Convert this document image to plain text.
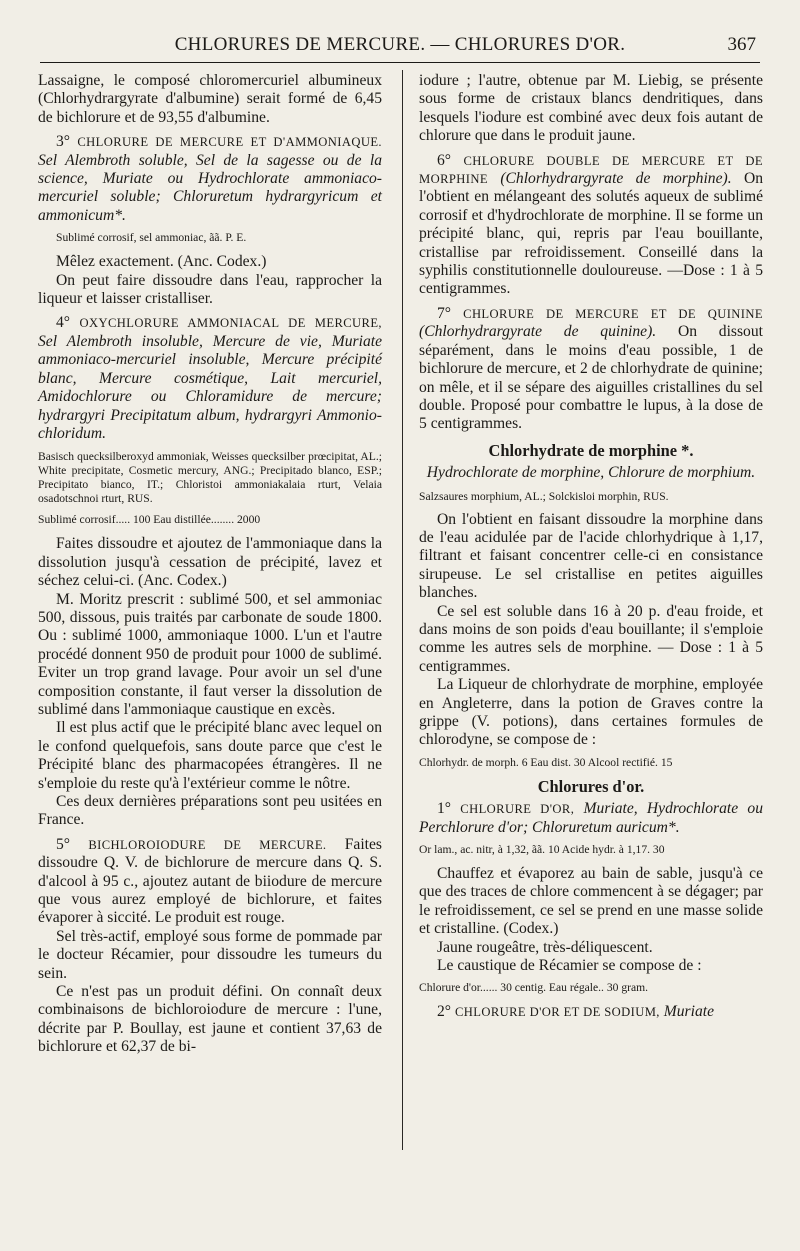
CHLORURES DE MERCURE. — CHLORURES D'OR.	367

Lassaigne, le composé chloromercuriel albumineux (Chlorhydrargyrate d'albumine) serait formé de 6,45 de bichlorure et de 93,55 d'albumine.

3° CHLORURE DE MERCURE ET D'AMMONIAQUE. Sel Alembroth soluble, Sel de la sagesse ou de la science, Muriate ou Hydrochlorate ammoniaco-mercuriel soluble; Chloruretum hydrargyricum et ammonicum*.

Sublimé corrosif, sel ammoniac, ãã. P. E.

Mêlez exactement. (Anc. Codex.)

On peut faire dissoudre dans l'eau, rapprocher la liqueur et laisser cristalliser.

4° OXYCHLORURE AMMONIACAL DE MERCURE, Sel Alembroth insoluble, Mercure de vie, Muriate ammoniaco-mercuriel insoluble, Mercure précipité blanc, Mercure cosmétique, Lait mercuriel, Amidochlorure ou Chloramidure de mercure; hydrargyri Precipitatum album, hydrargyri Ammonio-chloridum.

Basisch quecksilberoxyd ammoniak, Weisses quecksilber prœcipitat, AL.; White precipitate, Cosmetic mercury, ANG.; Precipitado blanco, ESP.; Precipitato bianco, IT.; Chloristoi ammoniakalaia rturt, Velaia osadotschnoi rturt, RUS.
Sublimé corrosif..... 100 Eau distillée........ 2000

Faites dissoudre et ajoutez de l'ammoniaque dans la dissolution jusqu'à cessation de précipité, lavez et séchez celui-ci. (Anc. Codex.)

M. Moritz prescrit : sublimé 500, et sel ammoniac 500, dissous, puis traités par carbonate de soude 1800. Ou : sublimé 1000, ammoniaque 1000. L'un et l'autre procédé donnent 950 de produit pour 1000 de sublimé. Eviter un trop grand lavage. Pour avoir un sel d'une composition constante, il faut verser la dissolution de sublimé dans l'ammoniaque caustique en excès.

Il est plus actif que le précipité blanc avec lequel on le confond quelquefois, sans doute parce que c'est le Précipité blanc des pharmacopées étrangères. Il ne s'emploie du reste qu'à l'extérieur comme le nôtre.

Ces deux dernières préparations sont peu usitées en France.

5° BICHLOROIODURE DE MERCURE. Faites dissoudre Q. V. de bichlorure de mercure dans Q. S. d'alcool à 95 c., ajoutez autant de biiodure de mercure que vous aurez employé de bichlorure, et faites évaporer à siccité. Le produit est rouge.

Sel très-actif, employé sous forme de pommade par le docteur Récamier, pour dissoudre les tumeurs du sein.

Ce n'est pas un produit défini. On connaît deux combinaisons de bichloroiodure de mercure : l'une, décrite par P. Boullay, est jaune et contient 37,63 de bichlorure et 62,37 de bi-

iodure ; l'autre, obtenue par M. Liebig, se présente sous forme de cristaux blancs dendritiques, dans lesquels l'iodure est combiné avec deux fois autant de chlorure que dans le produit jaune.

6° CHLORURE DOUBLE DE MERCURE ET DE MORPHINE (Chlorhydrargyrate de morphine). On l'obtient en mélangeant des solutés aqueux de sublimé corrosif et d'hydrochlorate de morphine. Il se forme un précipité blanc, qui, repris par l'eau bouillante, cristallise par refroidissement. Conseillé dans la syphilis constitutionnelle douloureuse. —Dose : 1 à 5 centigrammes.

7° CHLORURE DE MERCURE ET DE QUININE (Chlorhydrargyrate de quinine). On dissout séparément, dans le moins d'eau possible, 1 de bichlorure de mercure, et 2 de chlorhydrate de quinine; on mêle, et il se sépare des aiguilles cristallines du sel double. Proposé pour combattre le lupus, à la dose de 5 centigrammes.

Chlorhydrate de morphine *.
Hydrochlorate de morphine, Chlorure de morphium.
Salzsaures morphium, AL.; Solckisloi morphin, RUS.

On l'obtient en faisant dissoudre la morphine dans de l'eau acidulée par de l'acide chlorhydrique à 1,17, filtrant et faisant concentrer celle-ci en consistance sirupeuse. Le sel cristallise en petites aiguilles blanches.

Ce sel est soluble dans 16 à 20 p. d'eau froide, et dans moins de son poids d'eau bouillante; il s'emploie comme les autres sels de morphine. — Dose : 1 à 5 centigrammes.

La Liqueur de chlorhydrate de morphine, employée en Angleterre, dans la potion de Graves contre la grippe (V. potions), dans certaines formules de chlorodyne, se compose de :

Chlorhydr. de morph. 6 Eau dist. 30 Alcool rectifié. 15
Chlorures d'or.

1° CHLORURE D'OR, Muriate, Hydrochlorate ou Perchlorure d'or; Chloruretum auricum*.

Or lam., ac. nitr, à 1,32, ãã. 10 Acide hydr. à 1,17. 30

Chauffez et évaporez au bain de sable, jusqu'à ce que des traces de chlore commencent à se dégager; par le refroidissement, ce sel se prend en une masse solide et cristalline. (Codex.)

Jaune rougeâtre, très-déliquescent.

Le caustique de Récamier se compose de :

Chlorure d'or...... 30 centig. Eau régale.. 30 gram.

2° CHLORURE D'OR ET DE SODIUM, Muriate
